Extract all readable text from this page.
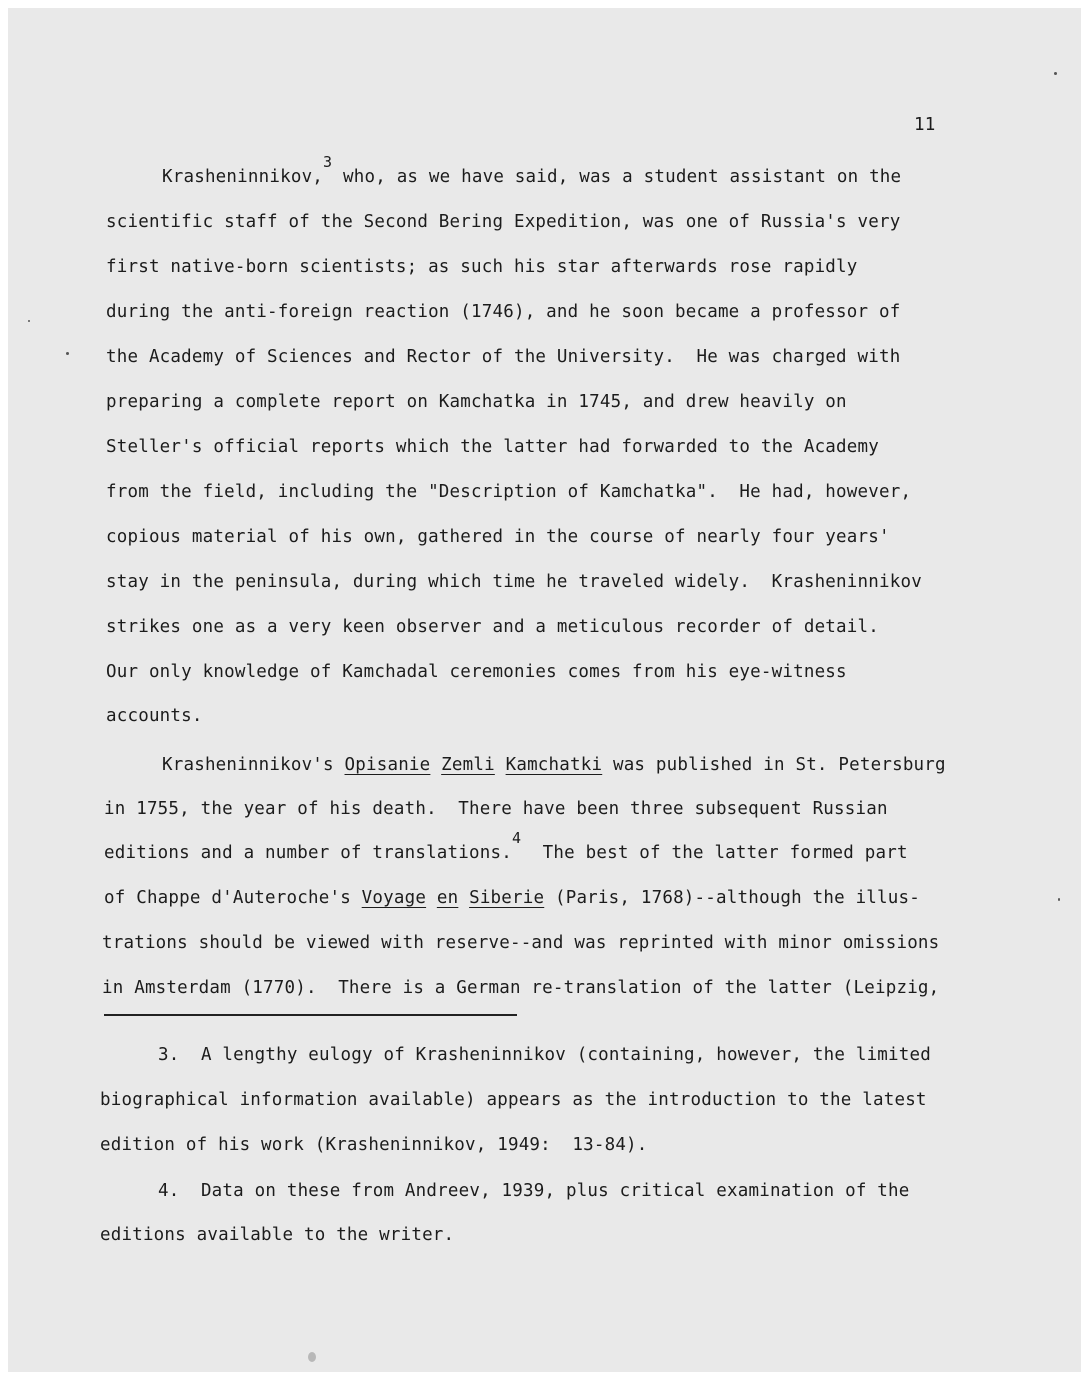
11
Krasheninnikov,3 who, as we have said, was a student assistant on the
scientific staff of the Second Bering Expedition, was one of Russia's very
first native-born scientists; as such his star afterwards rose rapidly
during the anti-foreign reaction (1746), and he soon became a professor of
the Academy of Sciences and Rector of the University.  He was charged with
preparing a complete report on Kamchatka in 1745, and drew heavily on
Steller's official reports which the latter had forwarded to the Academy
from the field, including the "Description of Kamchatka".  He had, however,
copious material of his own, gathered in the course of nearly four years'
stay in the peninsula, during which time he traveled widely.  Krasheninnikov
strikes one as a very keen observer and a meticulous recorder of detail.
Our only knowledge of Kamchadal ceremonies comes from his eye-witness
accounts.
Krasheninnikov's Opisanie Zemli Kamchatki was published in St. Petersburg
in 1755, the year of his death.  There have been three subsequent Russian
editions and a number of translations.4  The best of the latter formed part
of Chappe d'Auteroche's Voyage en Siberie (Paris, 1768)--although the illus-
trations should be viewed with reserve--and was reprinted with minor omissions
in Amsterdam (1770).  There is a German re-translation of the latter (Leipzig,
3.  A lengthy eulogy of Krasheninnikov (containing, however, the limited
biographical information available) appears as the introduction to the latest
edition of his work (Krasheninnikov, 1949:  13-84).
4.  Data on these from Andreev, 1939, plus critical examination of the
editions available to the writer.
